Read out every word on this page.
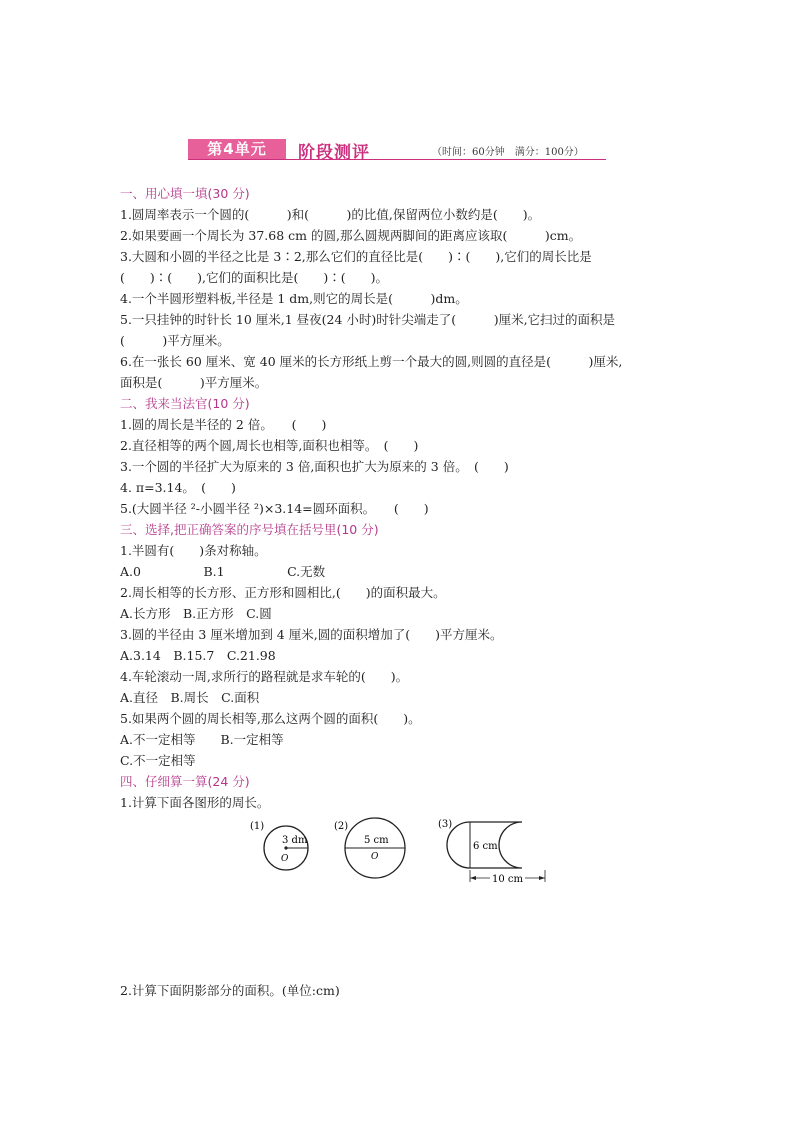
第4单元	阶段测评	（时间：60分钟　满分：100分）
一、用心填一填(30 分)
1.圆周率表示一个圆的(　　　)和(　　　)的比值,保留两位小数约是(　　)。
2.如果要画一个周长为 37.68 cm 的圆,那么圆规两脚间的距离应该取(　　　)cm。
3.大圆和小圆的半径之比是 3∶2,那么它们的直径比是(　　)∶(　　),它们的周长比是
(　　)∶(　　),它们的面积比是(　　)∶(　　)。
4.一个半圆形塑料板,半径是 1 dm,则它的周长是(　　　)dm。
5.一只挂钟的时针长 10 厘米,1 昼夜(24 小时)时针尖端走了(　　　)厘米,它扫过的面积是
(　　　)平方厘米。
6.在一张长 60 厘米、宽 40 厘米的长方形纸上剪一个最大的圆,则圆的直径是(　　　)厘米,
面积是(　　　)平方厘米。
二、我来当法官(10 分)
1.圆的周长是半径的 2 倍。　　(　　)
2.直径相等的两个圆,周长也相等,面积也相等。　(　　)
3.一个圆的半径扩大为原来的 3 倍,面积也扩大为原来的 3 倍。　(　　)
4. π=3.14。　(　　)
5.(大圆半径 ²-小圆半径 ²)×3.14=圆环面积。　　(　　)
三、选择,把正确答案的序号填在括号里(10 分)
1.半圆有(　　)条对称轴。
A.0　　　　　B.1　　　　　C.无数
2.周长相等的长方形、正方形和圆相比,(　　)的面积最大。
A.长方形　B.正方形　C.圆
3.圆的半径由 3 厘米增加到 4 厘米,圆的面积增加了(　　)平方厘米。
A.3.14　B.15.7　C.21.98
4.车轮滚动一周,求所行的路程就是求车轮的(　　)。
A.直径　B.周长　C.面积
5.如果两个圆的周长相等,那么这两个圆的面积(　　)。
A.不一定相等　　B.一定相等
C.不一定相等
四、仔细算一算(24 分)
1.计算下面各图形的周长。
(1)
3 dm
O
(2)
5 cm
O
(3)
6 cm
10 cm
2.计算下面阴影部分的面积。(单位:cm)
